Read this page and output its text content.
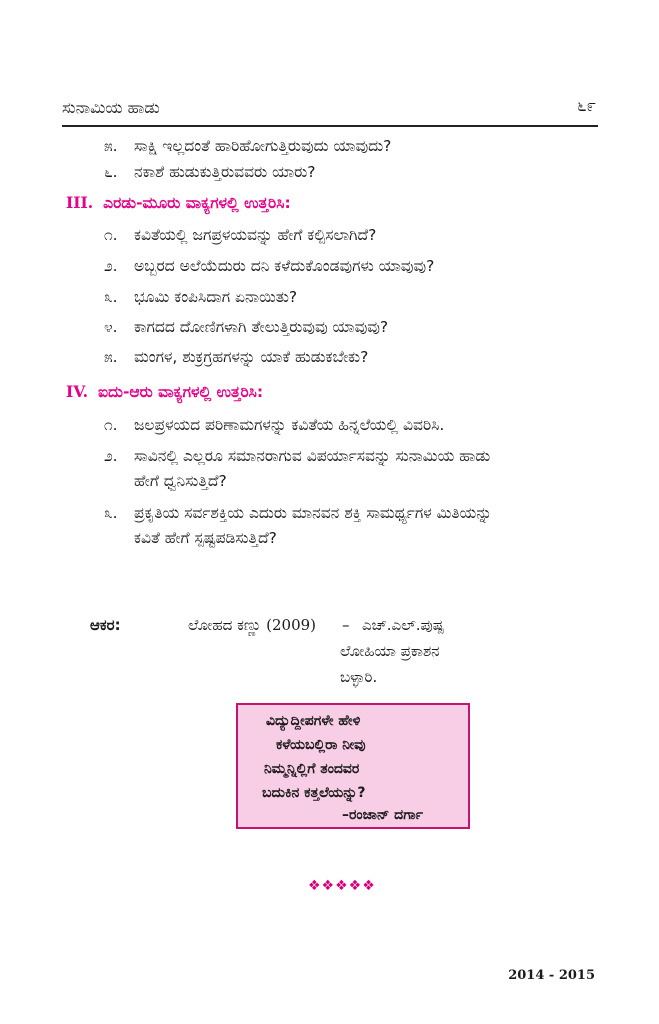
ಸುನಾಮಿಯ ಹಾಡು	೬೯
೫. ಸಾಕ್ಷಿ ಇಲ್ಲದಂತೆ ಹಾರಿಹೋಗುತ್ತಿರುವುದು ಯಾವುದು?
೬. ನಕಾಶೆ ಹುಡುಕುತ್ತಿರುವವರು ಯಾರು?
III. ಎರಡು-ಮೂರು ವಾಕ್ಯಗಳಲ್ಲಿ ಉತ್ತರಿಸಿ:
೧. ಕವಿತೆಯಲ್ಲಿ ಜಗಪ್ರಳಯವನ್ನು ಹೇಗೆ ಕಲ್ಪಿಸಲಾಗಿದೆ?
೨. ಅಬ್ಬರದ ಅಲೆಯೆದುರು ದನಿ ಕಳೆದುಕೊಂಡವುಗಳು ಯಾವುವು?
೩. ಭೂಮಿ ಕಂಪಿಸಿದಾಗ ಏನಾಯಿತು?
೪. ಕಾಗದದ ದೋಣಿಗಳಾಗಿ ತೇಲುತ್ತಿರುವುವು ಯಾವುವು?
೫. ಮಂಗಳ, ಶುಕ್ರಗ್ರಹಗಳನ್ನು ಯಾಕೆ ಹುಡುಕಬೇಕು?
IV. ಐದು-ಆರು ವಾಕ್ಯಗಳಲ್ಲಿ ಉತ್ತರಿಸಿ:
೧. ಜಲಪ್ರಳಯದ ಪರಿಣಾಮಗಳನ್ನು ಕವಿತೆಯ ಹಿನ್ನಲೆಯಲ್ಲಿ ವಿವರಿಸಿ.
೨. ಸಾವಿನಲ್ಲಿ ಎಲ್ಲರೂ ಸಮಾನರಾಗುವ ವಿಪರ್ಯಾಸವನ್ನು ಸುನಾಮಿಯ ಹಾಡು
ಹೇಗೆ ಧ್ವನಿಸುತ್ತಿದೆ?
೩. ಪ್ರಕೃತಿಯ ಸರ್ವಶಕ್ತಿಯ ಎದುರು ಮಾನವನ ಶಕ್ತಿ ಸಾಮರ್ಥ್ಯಗಳ ಮಿತಿಯನ್ನು
ಕವಿತೆ ಹೇಗೆ ಸ್ಪಷ್ಟಪಡಿಸುತ್ತಿದೆ?
ಆಕರ:	ಲೋಹದ ಕಣ್ಣು (2009) – ಎಚ್.ಎಲ್.ಪುಷ್ಪ
ಲೋಹಿಯಾ ಪ್ರಕಾಶನ
ಬಳ್ಳಾರಿ.
ವಿದ್ಯುದ್ದೀಪಗಳೇ ಹೇಳಿ
ಕಳೆಯಬಲ್ಲಿರಾ ನೀವು
ನಿಮ್ಮನ್ನಿಲ್ಲಿಗೆ ತಂದವರ
ಬದುಕಿನ ಕತ್ತಲೆಯನ್ನು?
–ರಂಜಾನ್ ದರ್ಗಾ
❖❖❖❖❖
2014 - 2015
